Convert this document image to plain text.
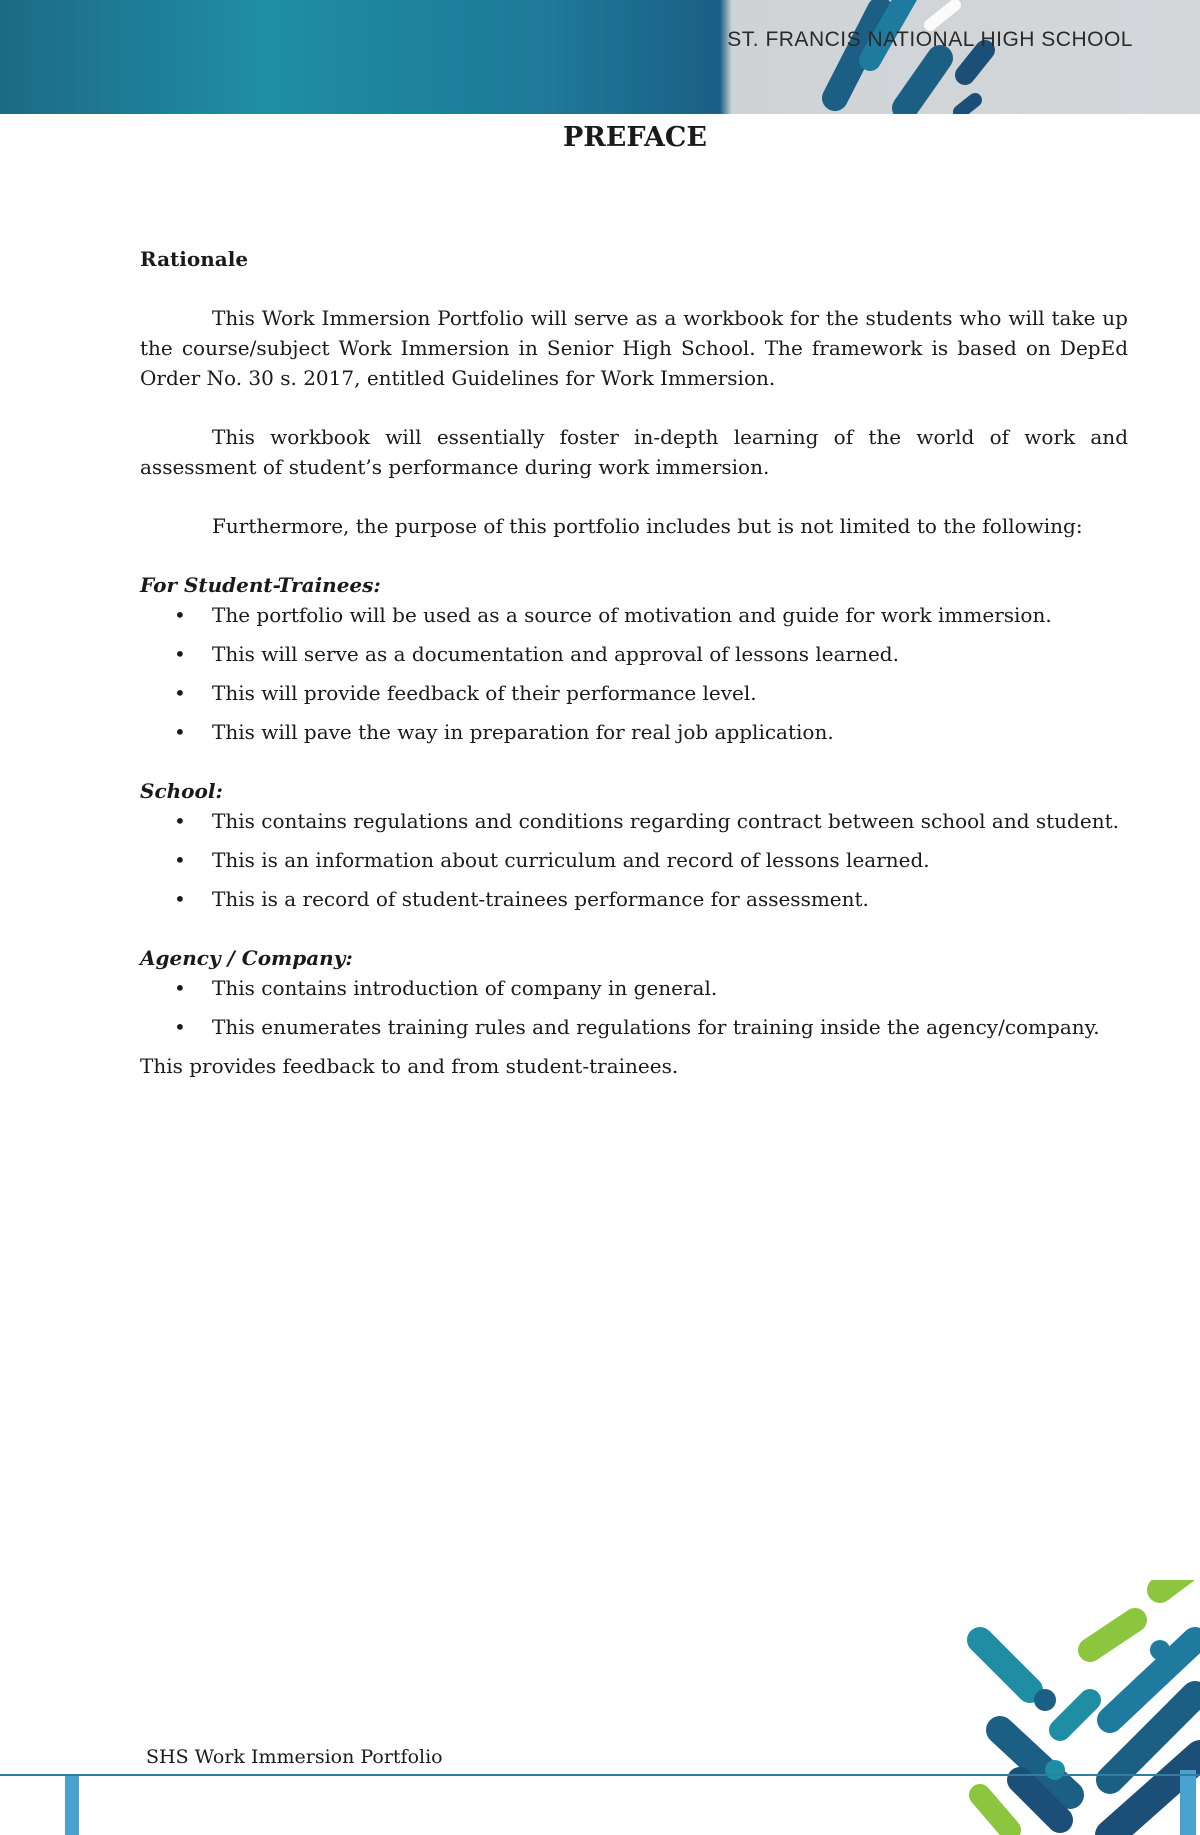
ST. FRANCIS NATIONAL HIGH SCHOOL
PREFACE

Rationale

This Work Immersion Portfolio will serve as a workbook for the students who will take up the course/subject Work Immersion in Senior High School. The framework is based on DepEd Order No. 30 s. 2017, entitled Guidelines for Work Immersion.

This workbook will essentially foster in-depth learning of the world of work and assessment of student’s performance during work immersion.

Furthermore, the purpose of this portfolio includes but is not limited to the following:

For Student-Trainees:

• The portfolio will be used as a source of motivation and guide for work immersion.
• This will serve as a documentation and approval of lessons learned.
• This will provide feedback of their performance level.
• This will pave the way in preparation for real job application.

School:

• This contains regulations and conditions regarding contract between school and student.
• This is an information about curriculum and record of lessons learned.
• This is a record of student-trainees performance for assessment.

Agency / Company:

• This contains introduction of company in general.
• This enumerates training rules and regulations for training inside the agency/company.

This provides feedback to and from student-trainees.

SHS Work Immersion Portfolio
